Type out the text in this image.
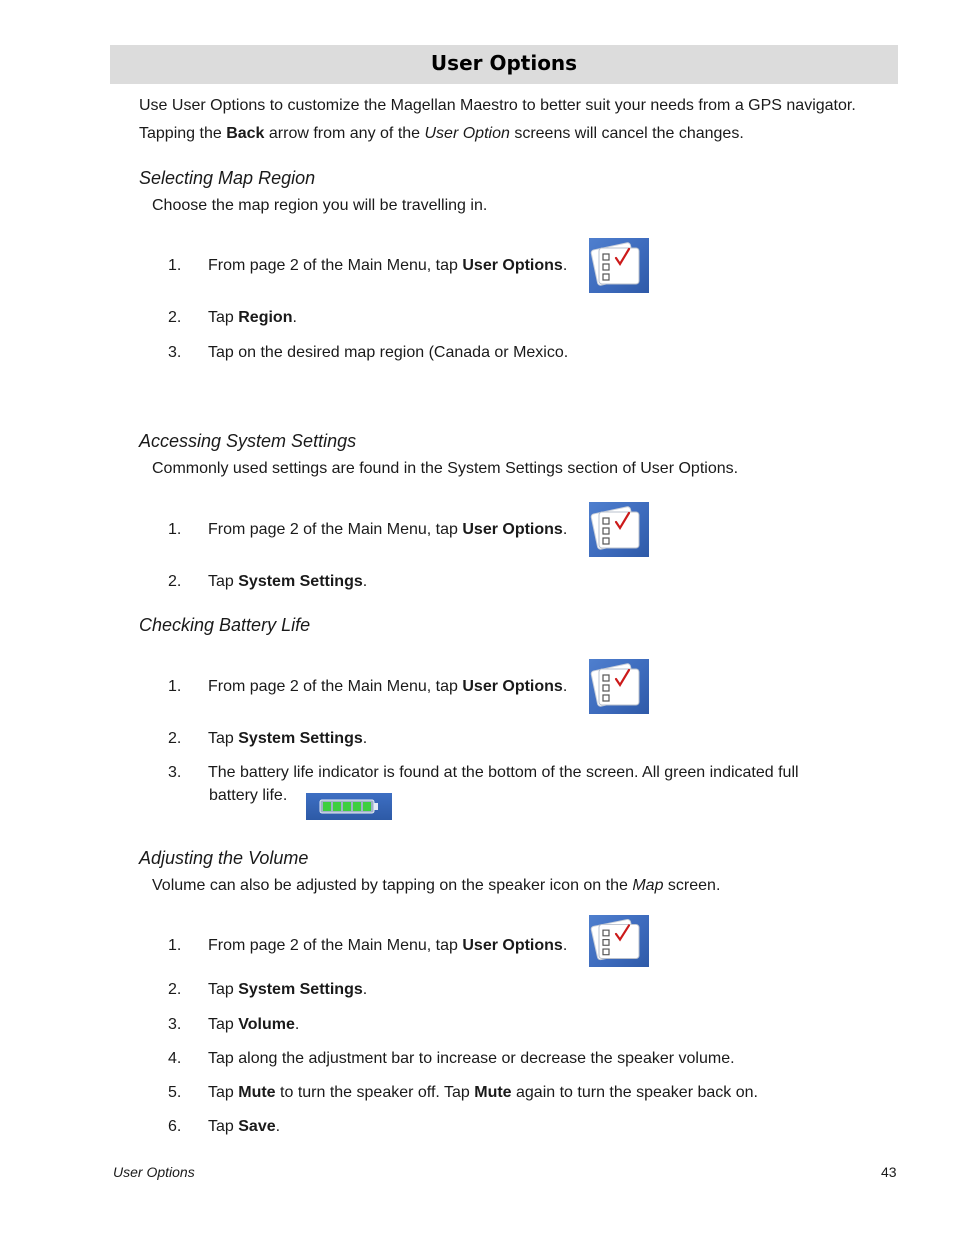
User Options
Use User Options to customize the Magellan Maestro to better suit your needs from a GPS navigator.
Tapping the Back arrow from any of the User Option screens will cancel the changes.
Selecting Map Region
Choose the map region you will be travelling in.
1.	From page 2 of the Main Menu, tap User Options.
2.	Tap Region.
3.	Tap on the desired map region (Canada or Mexico.
Accessing System Settings
Commonly used settings are found in the System Settings section of User Options.
1.	From page 2 of the Main Menu, tap User Options.
2.	Tap System Settings.
Checking Battery Life
1.	From page 2 of the Main Menu, tap User Options.
2.	Tap System Settings.
3.	The battery life indicator is found at the bottom of the screen. All green indicated full
battery life.
Adjusting the Volume
Volume can also be adjusted by tapping on the speaker icon on the Map screen.
1.	From page 2 of the Main Menu, tap User Options.
2.	Tap System Settings.
3.	Tap Volume.
4.	Tap along the adjustment bar to increase or decrease the speaker volume.
5.	Tap Mute to turn the speaker off. Tap Mute again to turn the speaker back on.
6.	Tap Save.
User Options	43
